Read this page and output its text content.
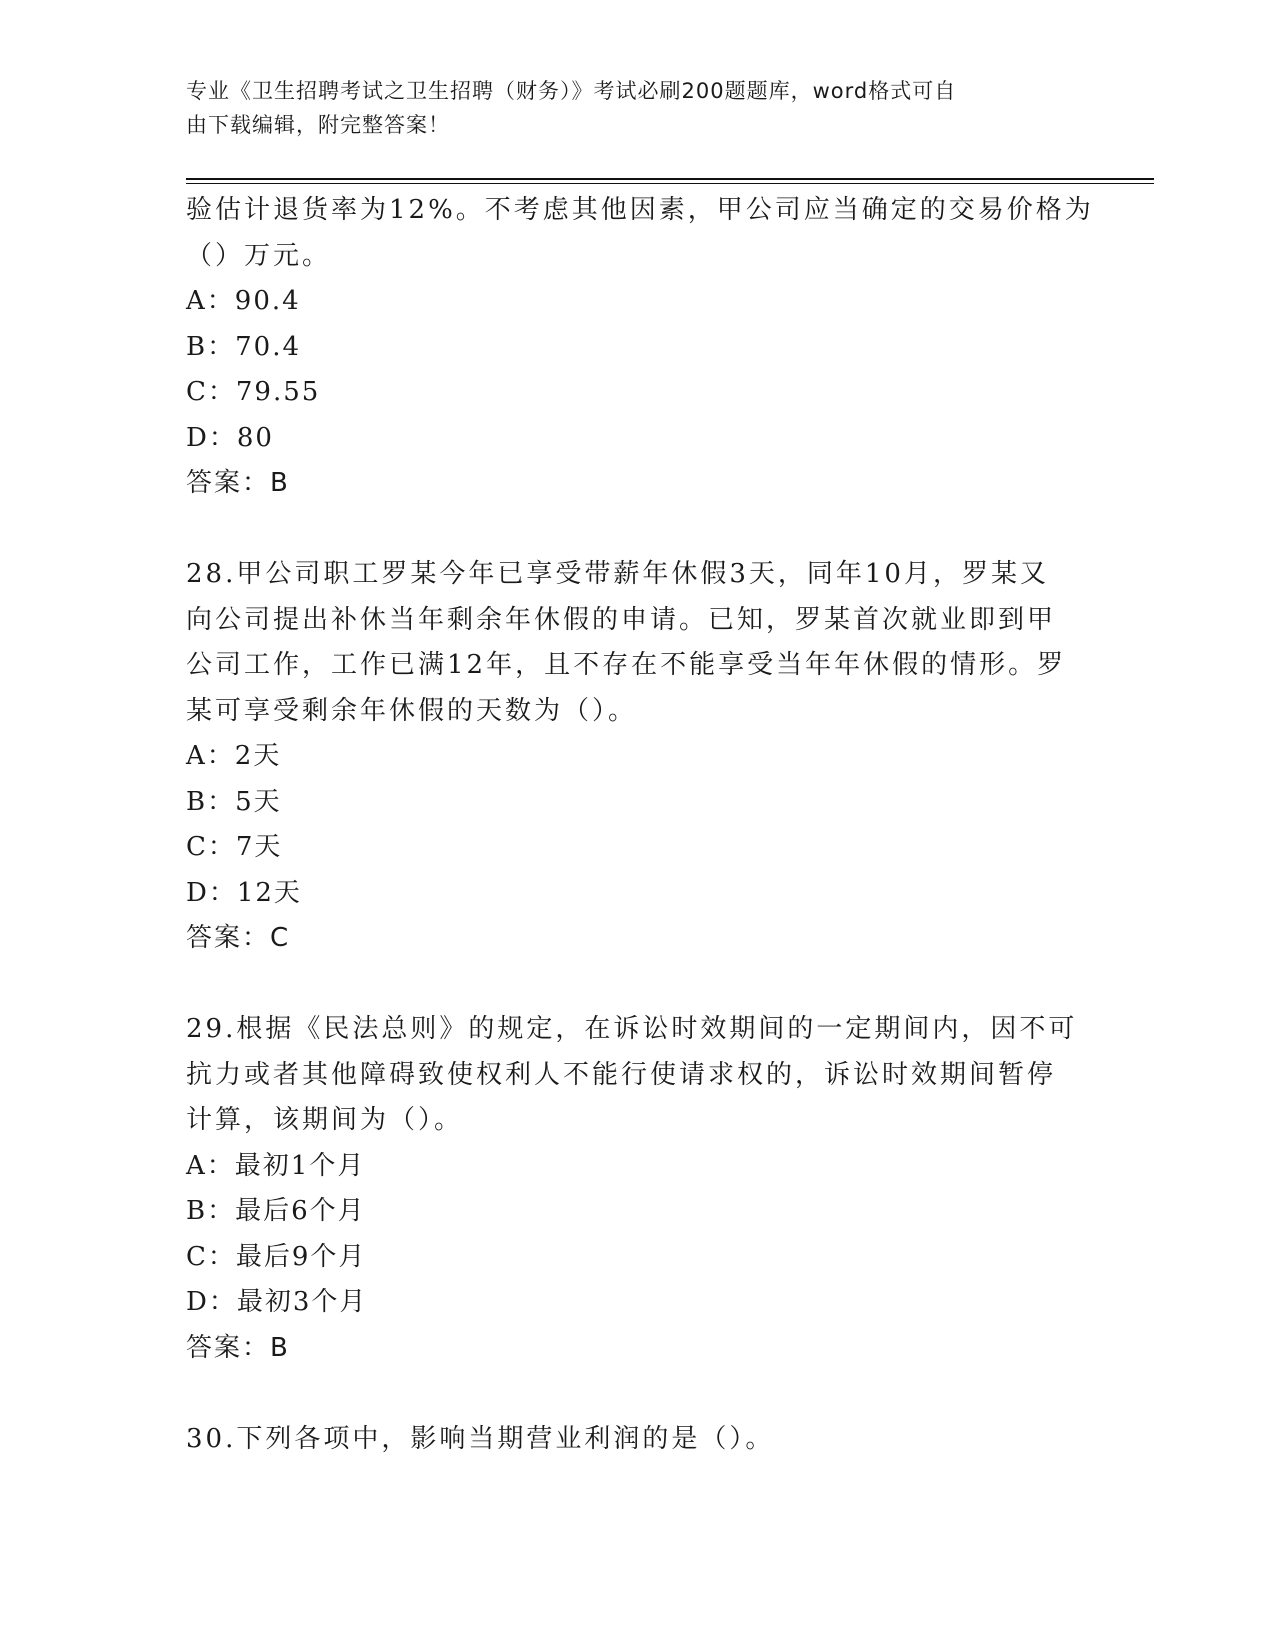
专业《卫生招聘考试之卫生招聘（财务）》考试必刷200题题库，word格式可自
由下载编辑，附完整答案！
验估计退货率为12%。不考虑其他因素，甲公司应当确定的交易价格为
（）万元。
A：90.4
B：70.4
C：79.55
D：80
答案：B
28.甲公司职工罗某今年已享受带薪年休假3天，同年10月，罗某又
向公司提出补休当年剩余年休假的申请。已知，罗某首次就业即到甲
公司工作，工作已满12年，且不存在不能享受当年年休假的情形。罗
某可享受剩余年休假的天数为（）。
A：2天
B：5天
C：7天
D：12天
答案：C
29.根据《民法总则》的规定，在诉讼时效期间的一定期间内，因不可
抗力或者其他障碍致使权利人不能行使请求权的，诉讼时效期间暂停
计算，该期间为（）。
A：最初1个月
B：最后6个月
C：最后9个月
D：最初3个月
答案：B
30.下列各项中，影响当期营业利润的是（）。
